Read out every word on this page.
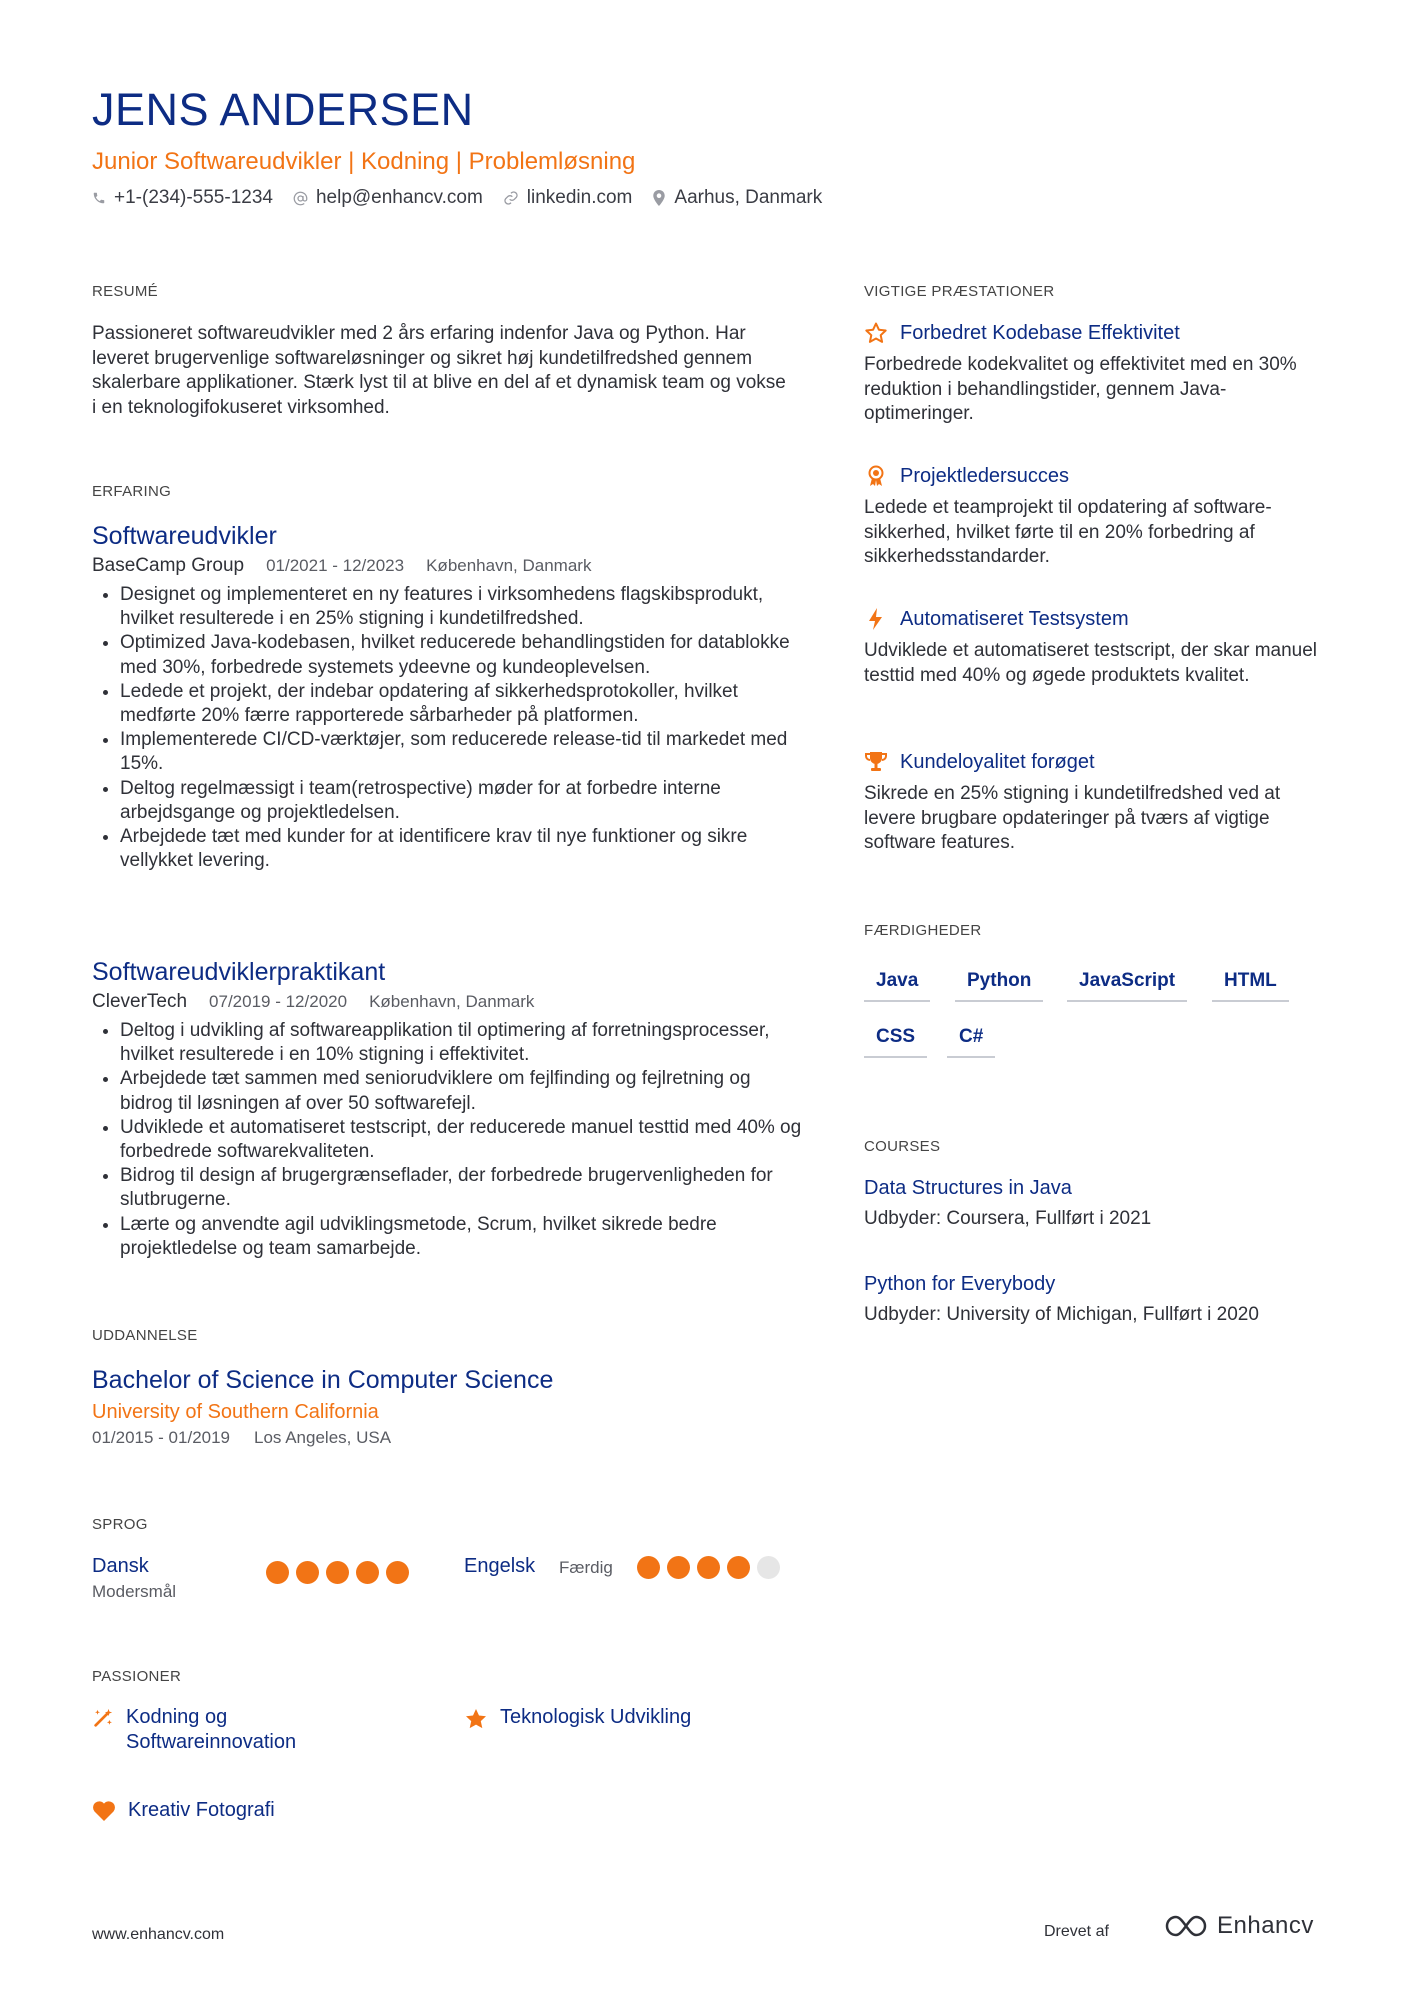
JENS ANDERSEN
Junior Softwareudvikler | Kodning | Problemløsning
+1-(234)-555-1234 help@enhancv.com linkedin.com Aarhus, Danmark
RESUMÉ
Passioneret softwareudvikler med 2 års erfaring indenfor Java og Python. Har leveret brugervenlige softwareløsninger og sikret høj kundetilfredshed gennem skalerbare applikationer. Stærk lyst til at blive en del af et dynamisk team og vokse i en teknologifokuseret virksomhed.
ERFARING
Softwareudvikler
BaseCamp Group 01/2021 - 12/2023 København, Danmark
• Designet og implementeret en ny features i virksomhedens flagskibsprodukt, hvilket resulterede i en 25% stigning i kundetilfredshed.
• Optimized Java-kodebasen, hvilket reducerede behandlingstiden for datablokke med 30%, forbedrede systemets ydeevne og kundeoplevelsen.
• Ledede et projekt, der indebar opdatering af sikkerhedsprotokoller, hvilket medførte 20% færre rapporterede sårbarheder på platformen.
• Implementerede CI/CD-værktøjer, som reducerede release-tid til markedet med 15%.
• Deltog regelmæssigt i team(retrospective) møder for at forbedre interne arbejdsgange og projektledelsen.
• Arbejdede tæt med kunder for at identificere krav til nye funktioner og sikre vellykket levering.
Softwareudviklerpraktikant
CleverTech 07/2019 - 12/2020 København, Danmark
• Deltog i udvikling af softwareapplikation til optimering af forretningsprocesser, hvilket resulterede i en 10% stigning i effektivitet.
• Arbejdede tæt sammen med seniorudviklere om fejlfinding og fejlretning og bidrog til løsningen af over 50 softwarefejl.
• Udviklede et automatiseret testscript, der reducerede manuel testtid med 40% og forbedrede softwarekvaliteten.
• Bidrog til design af brugergrænseflader, der forbedrede brugervenligheden for slutbrugerne.
• Lærte og anvendte agil udviklingsmetode, Scrum, hvilket sikrede bedre projektledelse og team samarbejde.
UDDANNELSE
Bachelor of Science in Computer Science
University of Southern California
01/2015 - 01/2019 Los Angeles, USA
SPROG
Dansk
Modersmål
Engelsk Færdig
PASSIONER
Kodning og Softwareinnovation
Teknologisk Udvikling
Kreativ Fotografi
VIGTIGE PRÆSTATIONER
Forbedret Kodebase Effektivitet
Forbedrede kodekvalitet og effektivitet med en 30% reduktion i behandlingstider, gennem Java-optimeringer.
Projektledersucces
Ledede et teamprojekt til opdatering af software-sikkerhed, hvilket førte til en 20% forbedring af sikkerhedsstandarder.
Automatiseret Testsystem
Udviklede et automatiseret testscript, der skar manuel testtid med 40% og øgede produktets kvalitet.
Kundeloyalitet forøget
Sikrede en 25% stigning i kundetilfredshed ved at levere brugbare opdateringer på tværs af vigtige software features.
FÆRDIGHEDER
Java	Python	JavaScript	HTML
CSS	C#
COURSES
Data Structures in Java
Udbyder: Coursera, Fullført i 2021
Python for Everybody
Udbyder: University of Michigan, Fullført i 2020
www.enhancv.com	Drevet af	Enhancv
